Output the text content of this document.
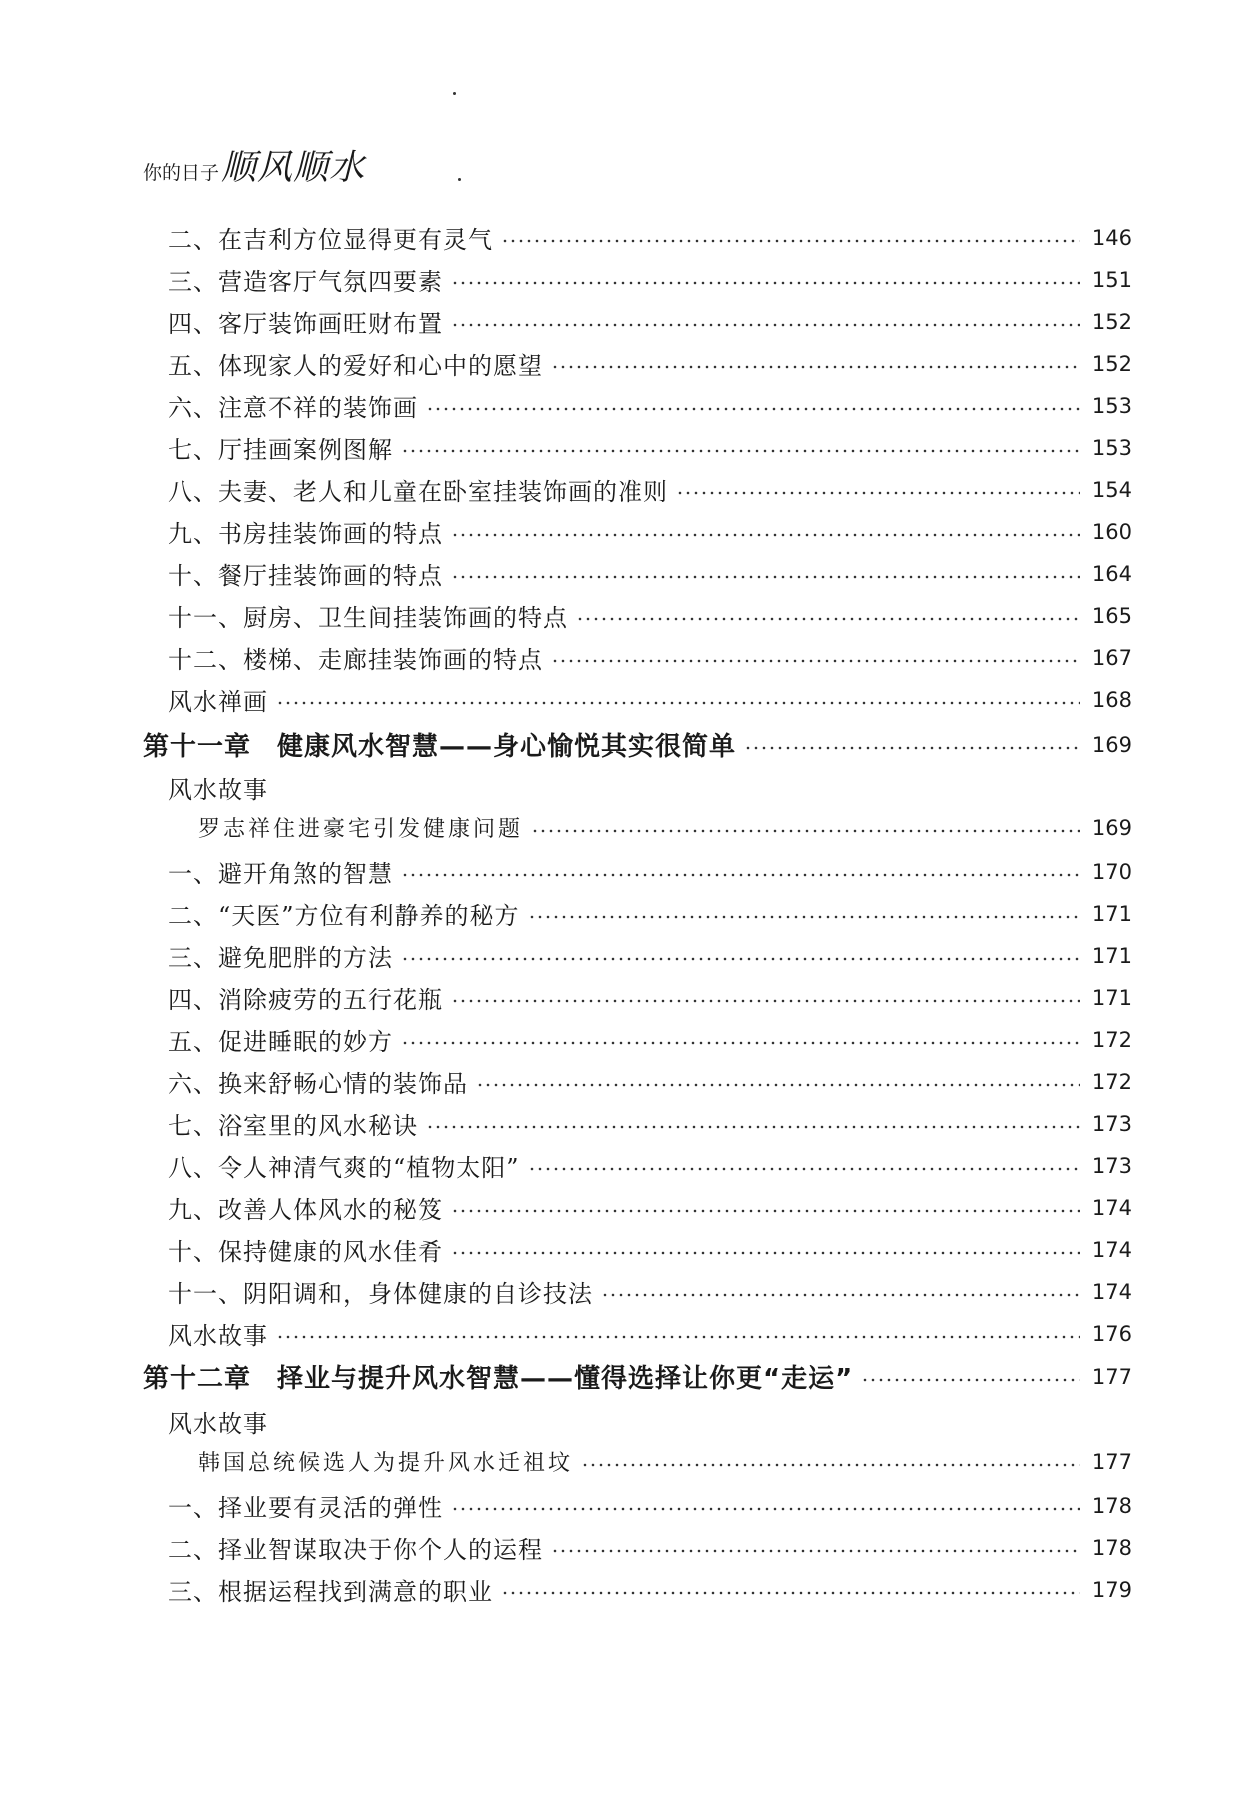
你的日子 顺风顺水
二、在吉利方位显得更有灵气	146
三、营造客厅气氛四要素	151
四、客厅装饰画旺财布置	152
五、体现家人的爱好和心中的愿望	152
六、注意不祥的装饰画	153
七、厅挂画案例图解	153
八、夫妻、老人和儿童在卧室挂装饰画的准则	154
九、书房挂装饰画的特点	160
十、餐厅挂装饰画的特点	164
十一、厨房、卫生间挂装饰画的特点	165
十二、楼梯、走廊挂装饰画的特点	167
风水禅画	168
第十一章 健康风水智慧——身心愉悦其实很简单	169
风水故事
罗志祥住进豪宅引发健康问题	169
一、避开角煞的智慧	170
二、“天医”方位有利静养的秘方	171
三、避免肥胖的方法	171
四、消除疲劳的五行花瓶	171
五、促进睡眠的妙方	172
六、换来舒畅心情的装饰品	172
七、浴室里的风水秘诀	173
八、令人神清气爽的“植物太阳”	173
九、改善人体风水的秘笈	174
十、保持健康的风水佳肴	174
十一、阴阳调和，身体健康的自诊技法	174
风水故事	176
第十二章 择业与提升风水智慧——懂得选择让你更“走运”	177
风水故事
韩国总统候选人为提升风水迁祖坟	177
一、择业要有灵活的弹性	178
二、择业智谋取决于你个人的运程	178
三、根据运程找到满意的职业	179
